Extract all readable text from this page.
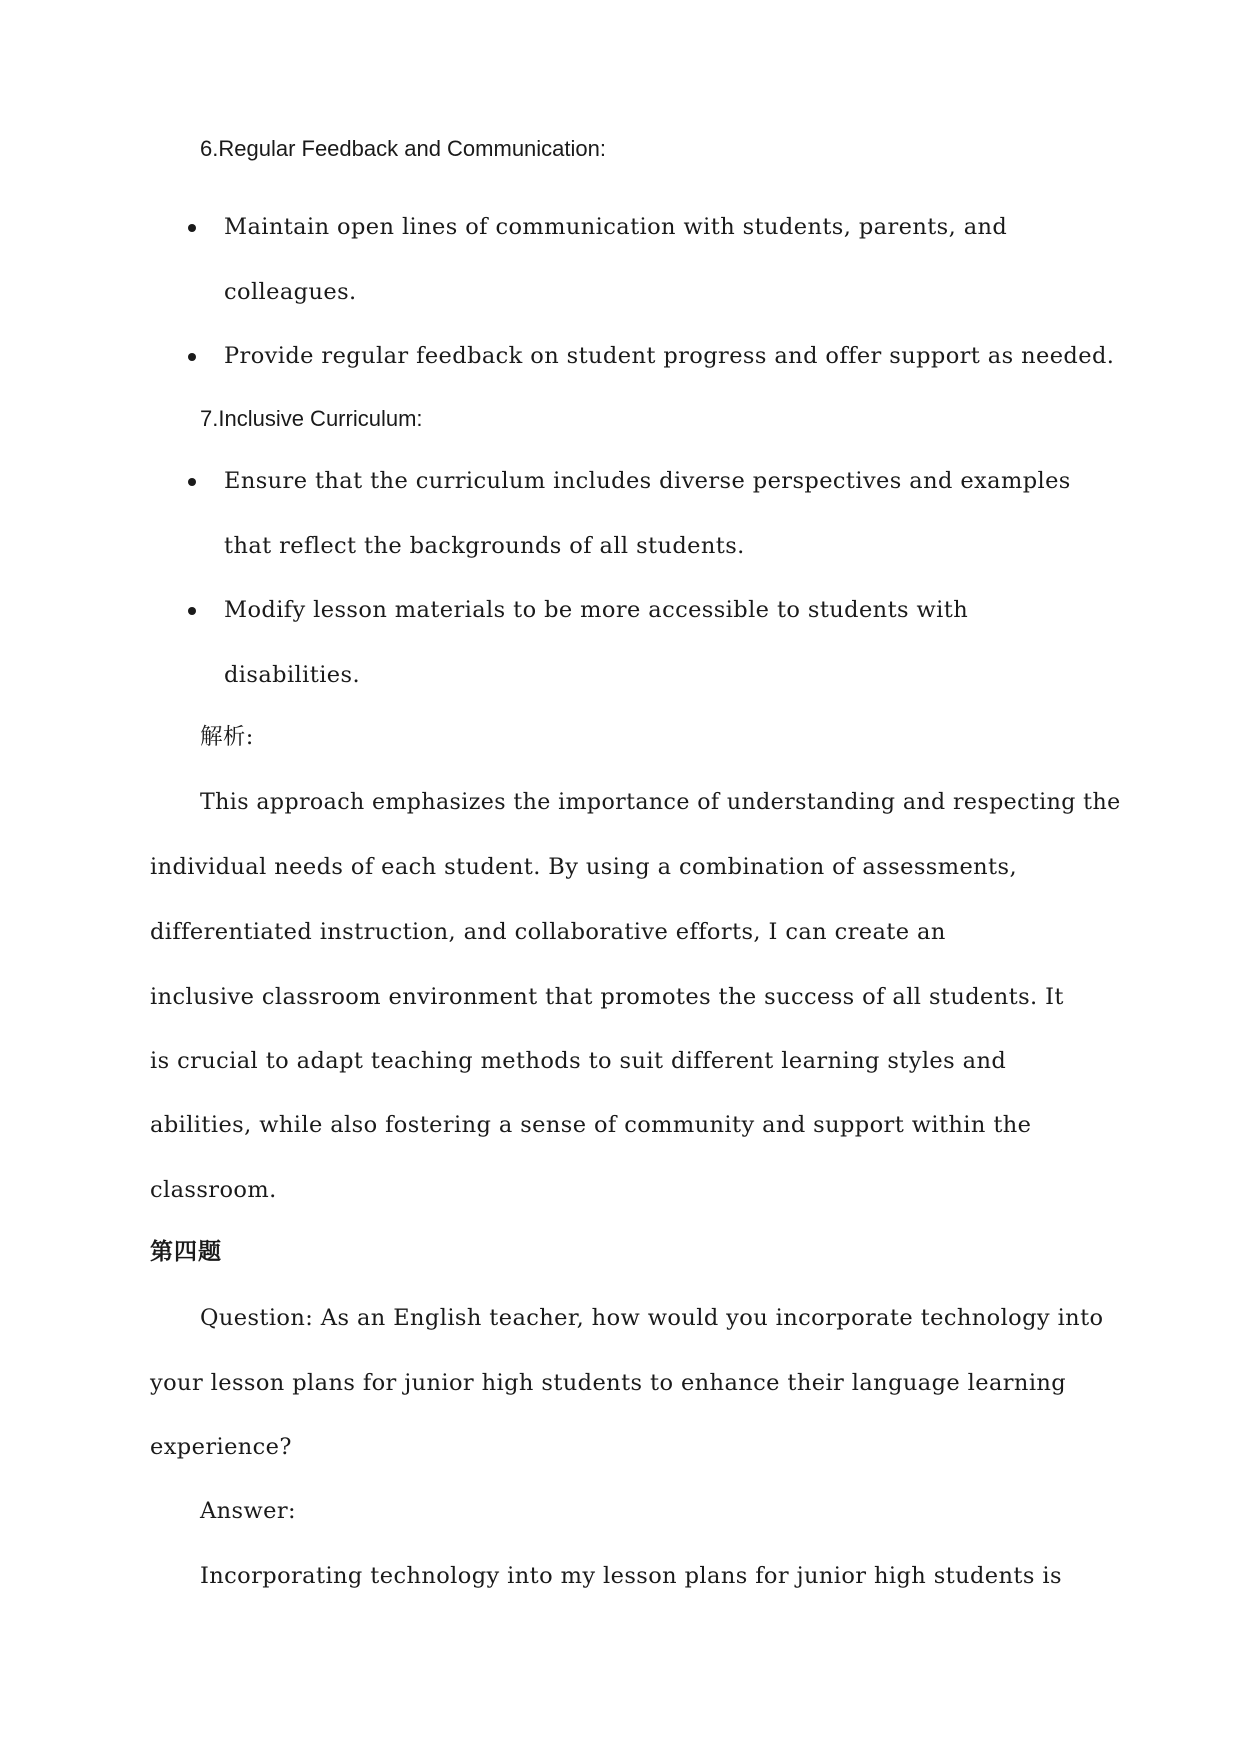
6.Regular Feedback and Communication:
Maintain open lines of communication with students, parents, and
colleagues.
Provide regular feedback on student progress and offer support as needed.
7.Inclusive Curriculum:
Ensure that the curriculum includes diverse perspectives and examples
that reflect the backgrounds of all students.
Modify lesson materials to be more accessible to students with
disabilities.
解析:
This approach emphasizes the importance of understanding and respecting the
individual needs of each student. By using a combination of assessments,
differentiated instruction, and collaborative efforts, I can create an
inclusive classroom environment that promotes the success of all students. It
is crucial to adapt teaching methods to suit different learning styles and
abilities, while also fostering a sense of community and support within the
classroom.
第四题
Question: As an English teacher, how would you incorporate technology into
your lesson plans for junior high students to enhance their language learning
experience?
Answer:
Incorporating technology into my lesson plans for junior high students is
